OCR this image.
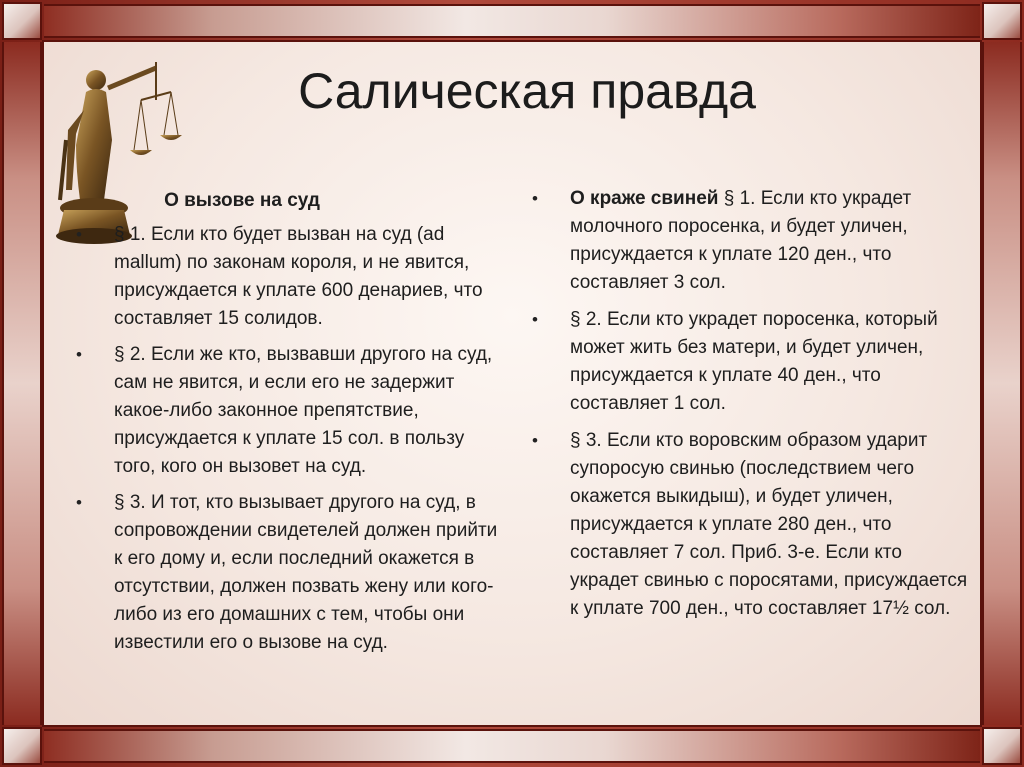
Салическая правда
О вызове на суд
• § 1. Если кто будет вызван на суд (ad mallum) по законам короля, и не явится, присуждается к уплате 600 денариев, что составляет 15 солидов.
• § 2. Если же кто, вызвавши другого на суд, сам не явится, и если его не задержит какое-либо законное препятствие, присуждается к уплате 15 сол. в пользу того, кого он вызовет на суд.
• § 3. И тот, кто вызывает другого на суд, в сопровождении свидетелей должен прийти к его дому и, если последний окажется в отсутствии, должен позвать жену или кого-либо из его домашних с тем, чтобы они известили его о вызове на суд.
• О краже свиней § 1. Если кто украдет молочного поросенка, и будет уличен, присуждается к уплате 120 ден., что составляет 3 сол.
• § 2. Если кто украдет поросенка, который может жить без матери, и будет уличен, присуждается к уплате 40 ден., что составляет 1 сол.
• § 3. Если кто воровским образом ударит супоросую свинью (последствием чего окажется выкидыш), и будет уличен, присуждается к уплате 280 ден., что составляет 7 сол. Приб. 3-е. Если кто украдет свинью с поросятами, присуждается к уплате 700 ден., что составляет 17½ сол.
